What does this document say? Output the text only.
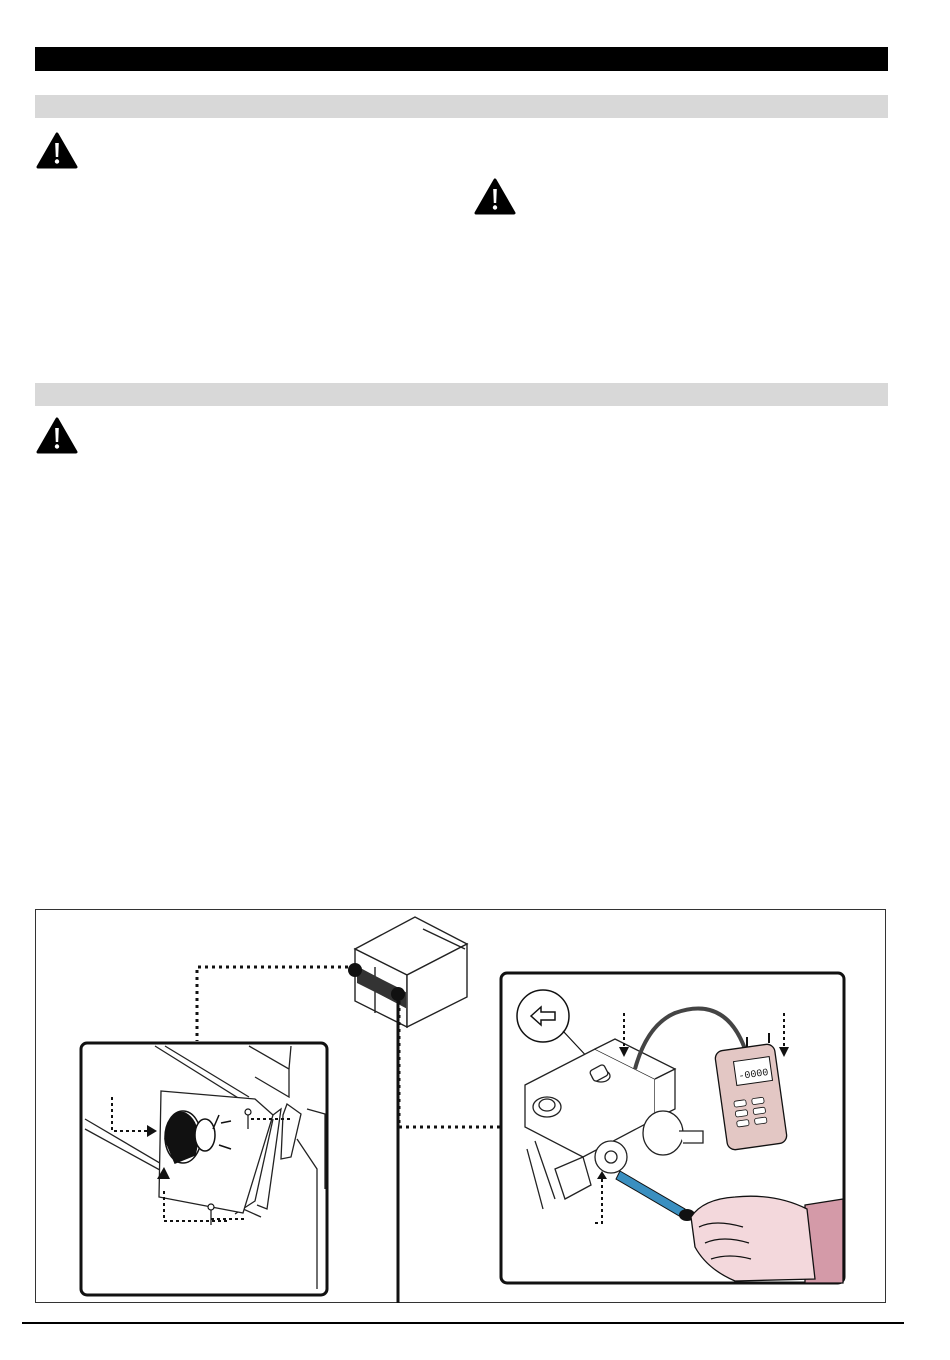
-0000
